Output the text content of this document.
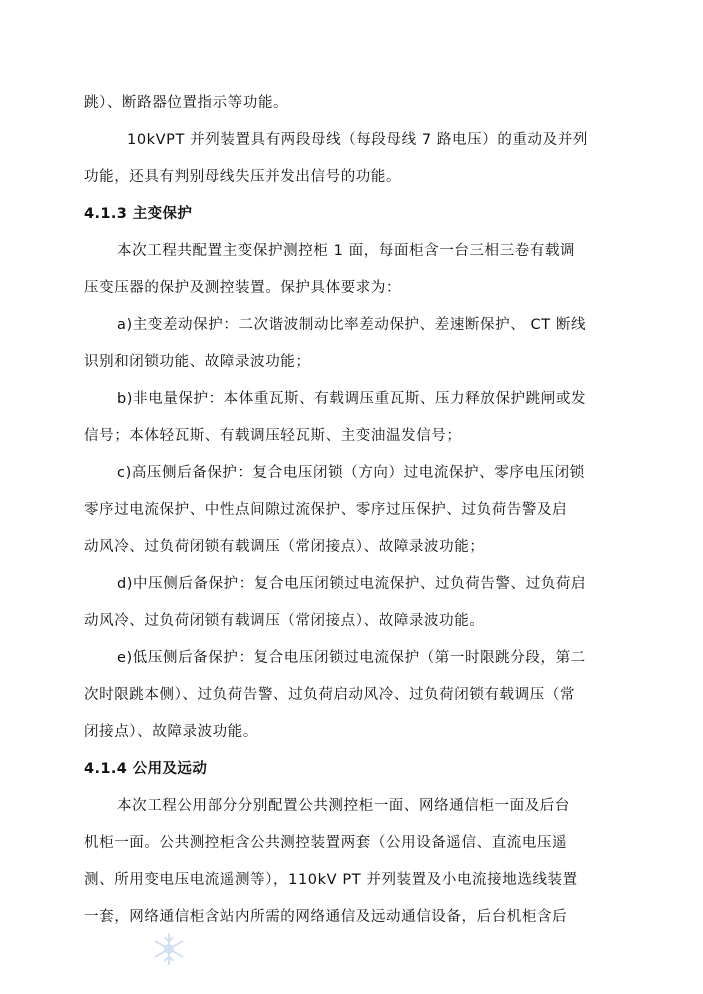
跳）、断路器位置指示等功能。
10kVPT 并列装置具有两段母线（每段母线 7 路电压）的重动及并列
功能，还具有判别母线失压并发出信号的功能。
4.1.3 主变保护
本次工程共配置主变保护测控柜 1 面，每面柜含一台三相三卷有载调
压变压器的保护及测控装置。保护具体要求为：
a)主变差动保护：二次谐波制动比率差动保护、差速断保护、 CT 断线
识别和闭锁功能、故障录波功能；
b)非电量保护：本体重瓦斯、有载调压重瓦斯、压力释放保护跳闸或发
信号；本体轻瓦斯、有载调压轻瓦斯、主变油温发信号；
c)高压侧后备保护：复合电压闭锁（方向）过电流保护、零序电压闭锁
零序过电流保护、中性点间隙过流保护、零序过压保护、过负荷告警及启
动风冷、过负荷闭锁有载调压（常闭接点）、故障录波功能；
d)中压侧后备保护：复合电压闭锁过电流保护、过负荷告警、过负荷启
动风冷、过负荷闭锁有载调压（常闭接点）、故障录波功能。
e)低压侧后备保护：复合电压闭锁过电流保护（第一时限跳分段，第二
次时限跳本侧）、过负荷告警、过负荷启动风冷、过负荷闭锁有载调压（常
闭接点）、故障录波功能。
4.1.4 公用及远动
本次工程公用部分分别配置公共测控柜一面、网络通信柜一面及后台
机柜一面。公共测控柜含公共测控装置两套（公用设备遥信、直流电压遥
测、所用变电压电流遥测等），110kV PT 并列装置及小电流接地选线装置
一套，网络通信柜含站内所需的网络通信及远动通信设备，后台机柜含后
